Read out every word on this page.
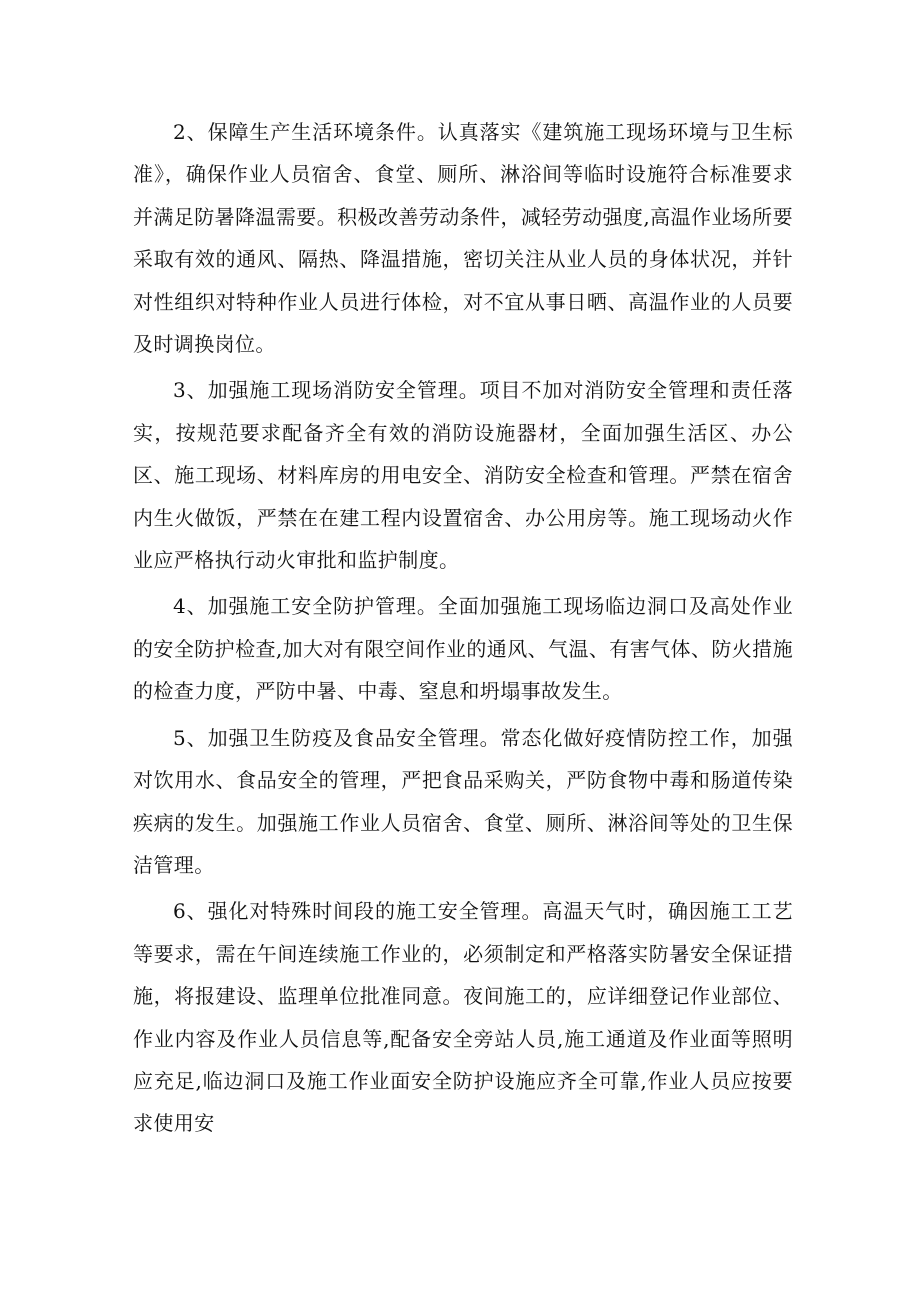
2、保障生产生活环境条件。认真落实《建筑施工现场环境与卫生标准》，确保作业人员宿舍、食堂、厕所、淋浴间等临时设施符合标准要求并满足防暑降温需要。积极改善劳动条件，减轻劳动强度,高温作业场所要采取有效的通风、隔热、降温措施，密切关注从业人员的身体状况，并针对性组织对特种作业人员进行体检，对不宜从事日晒、高温作业的人员要及时调换岗位。

3、加强施工现场消防安全管理。项目不加对消防安全管理和责任落实，按规范要求配备齐全有效的消防设施器材，全面加强生活区、办公区、施工现场、材料库房的用电安全、消防安全检查和管理。严禁在宿舍内生火做饭，严禁在在建工程内设置宿舍、办公用房等。施工现场动火作业应严格执行动火审批和监护制度。

4、加强施工安全防护管理。全面加强施工现场临边洞口及高处作业的安全防护检查,加大对有限空间作业的通风、气温、有害气体、防火措施的检查力度，严防中暑、中毒、窒息和坍塌事故发生。

5、加强卫生防疫及食品安全管理。常态化做好疫情防控工作，加强对饮用水、食品安全的管理，严把食品采购关，严防食物中毒和肠道传染疾病的发生。加强施工作业人员宿舍、食堂、厕所、淋浴间等处的卫生保洁管理。

6、强化对特殊时间段的施工安全管理。高温天气时，确因施工工艺等要求，需在午间连续施工作业的，必须制定和严格落实防暑安全保证措施，将报建设、监理单位批准同意。夜间施工的，应详细登记作业部位、作业内容及作业人员信息等,配备安全旁站人员,施工通道及作业面等照明应充足,临边洞口及施工作业面安全防护设施应齐全可靠,作业人员应按要求使用安
